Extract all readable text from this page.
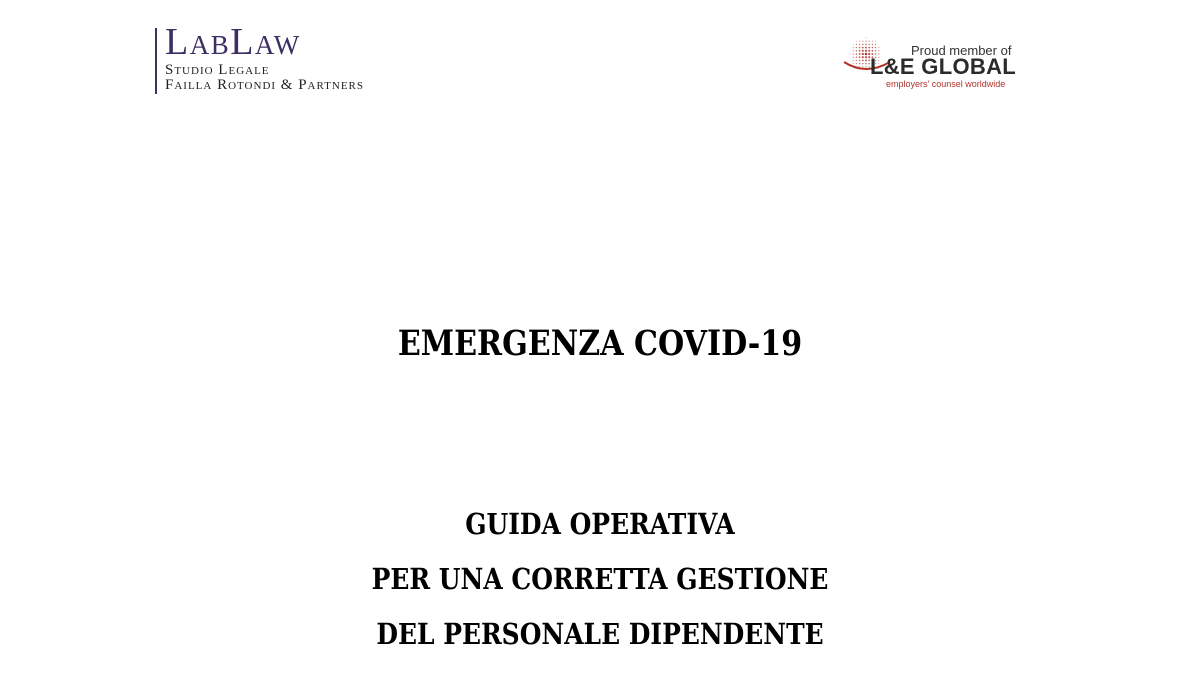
LabLaw
Studio Legale
Failla Rotondi & Partners
Proud member of
L&E GLOBAL
employers' counsel worldwide
EMERGENZA COVID-19
GUIDA OPERATIVA
PER UNA CORRETTA GESTIONE
DEL PERSONALE DIPENDENTE
